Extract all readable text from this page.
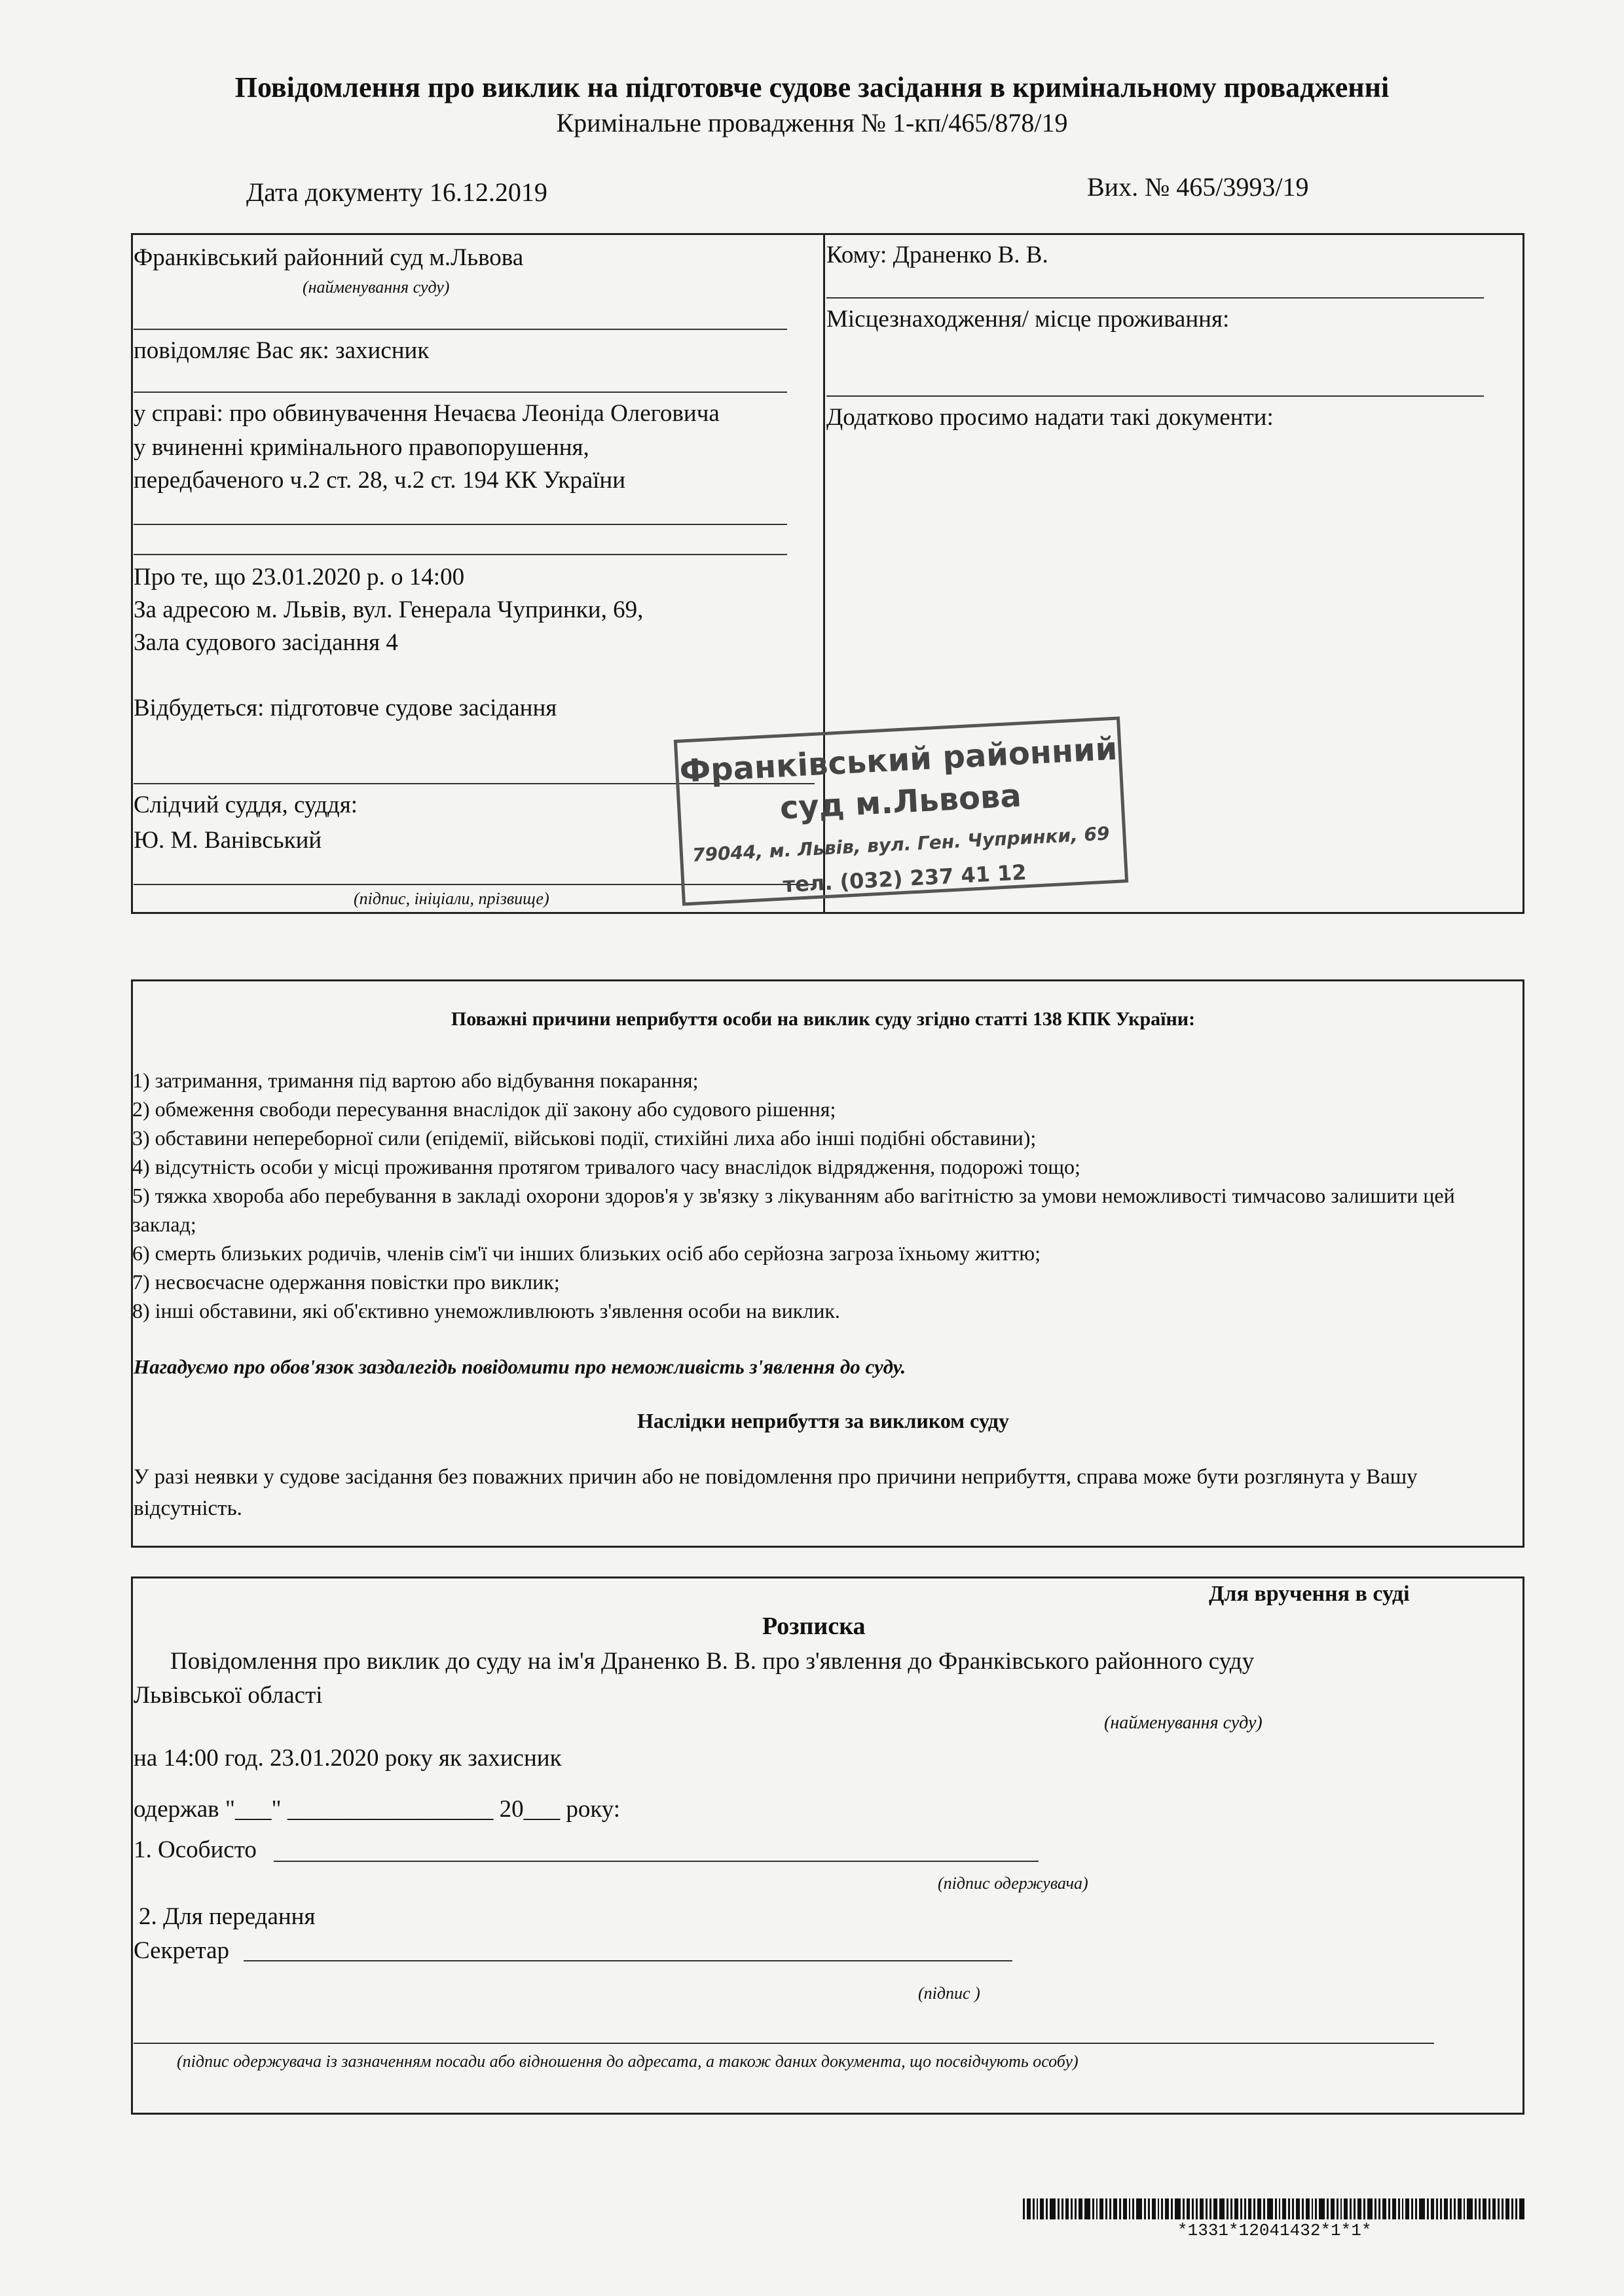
Повідомлення про виклик на підготовче судове засідання в кримінальному провадженні
Кримінальне провадження № 1-кп/465/878/19
Дата документу 16.12.2019	Вих. № 465/3993/19
Франківський районний суд м.Львова
(найменування суду)
повідомляє Вас як: захисник
у справі: про обвинувачення Нечаєва Леоніда Олеговича
у вчиненні кримінального правопорушення,
передбаченого ч.2 ст. 28, ч.2 ст. 194 КК України
Про те, що 23.01.2020 р. о 14:00
За адресою м. Львів, вул. Генерала Чупринки, 69,
Зала судового засідання 4
Відбудеться: підготовче судове засідання
Слідчий суддя, суддя:
Ю. М. Ванівський
(підпис, ініціали, прізвище)
Кому: Драненко В. В.
Місцезнаходження/ місце проживання:
Додатково просимо надати такі документи:
Франківський районний
суд м.Львова
79044, м. Львів, вул. Ген. Чупринки, 69
тел. (032) 237 41 12
Поважні причини неприбуття особи на виклик суду згідно статті 138 КПК України:
1) затримання, тримання під вартою або відбування покарання;
2) обмеження свободи пересування внаслідок дії закону або судового рішення;
3) обставини непереборної сили (епідемії, військові події, стихійні лиха або інші подібні обставини);
4) відсутність особи у місці проживання протягом тривалого часу внаслідок відрядження, подорожі тощо;
5) тяжка хвороба або перебування в закладі охорони здоров'я у зв'язку з лікуванням або вагітністю за умови неможливості тимчасово залишити цей заклад;
6) смерть близьких родичів, членів сім'ї чи інших близьких осіб або серйозна загроза їхньому життю;
7) несвоєчасне одержання повістки про виклик;
8) інші обставини, які об'єктивно унеможливлюють з'явлення особи на виклик.
Нагадуємо про обов'язок заздалегідь повідомити про неможливість з'явлення до суду.
Наслідки неприбуття за викликом суду
У разі неявки у судове засідання без поважних причин або не повідомлення про причини неприбуття, справа може бути розглянута у Вашу відсутність.
Для вручення в суді
Розписка
Повідомлення про виклик до суду на ім'я Драненко В. В. про з'явлення до Франківського районного суду
Львівської області
(найменування суду)
на 14:00 год. 23.01.2020 року як захисник
одержав "___" _________________ 20___ року:
1. Особисто
(підпис одержувача)
2. Для передання
Секретар
(підпис )
(підпис одержувача із зазначенням посади або відношення до адресата, а також даних документа, що посвідчують особу)
*1331*12041432*1*1*
